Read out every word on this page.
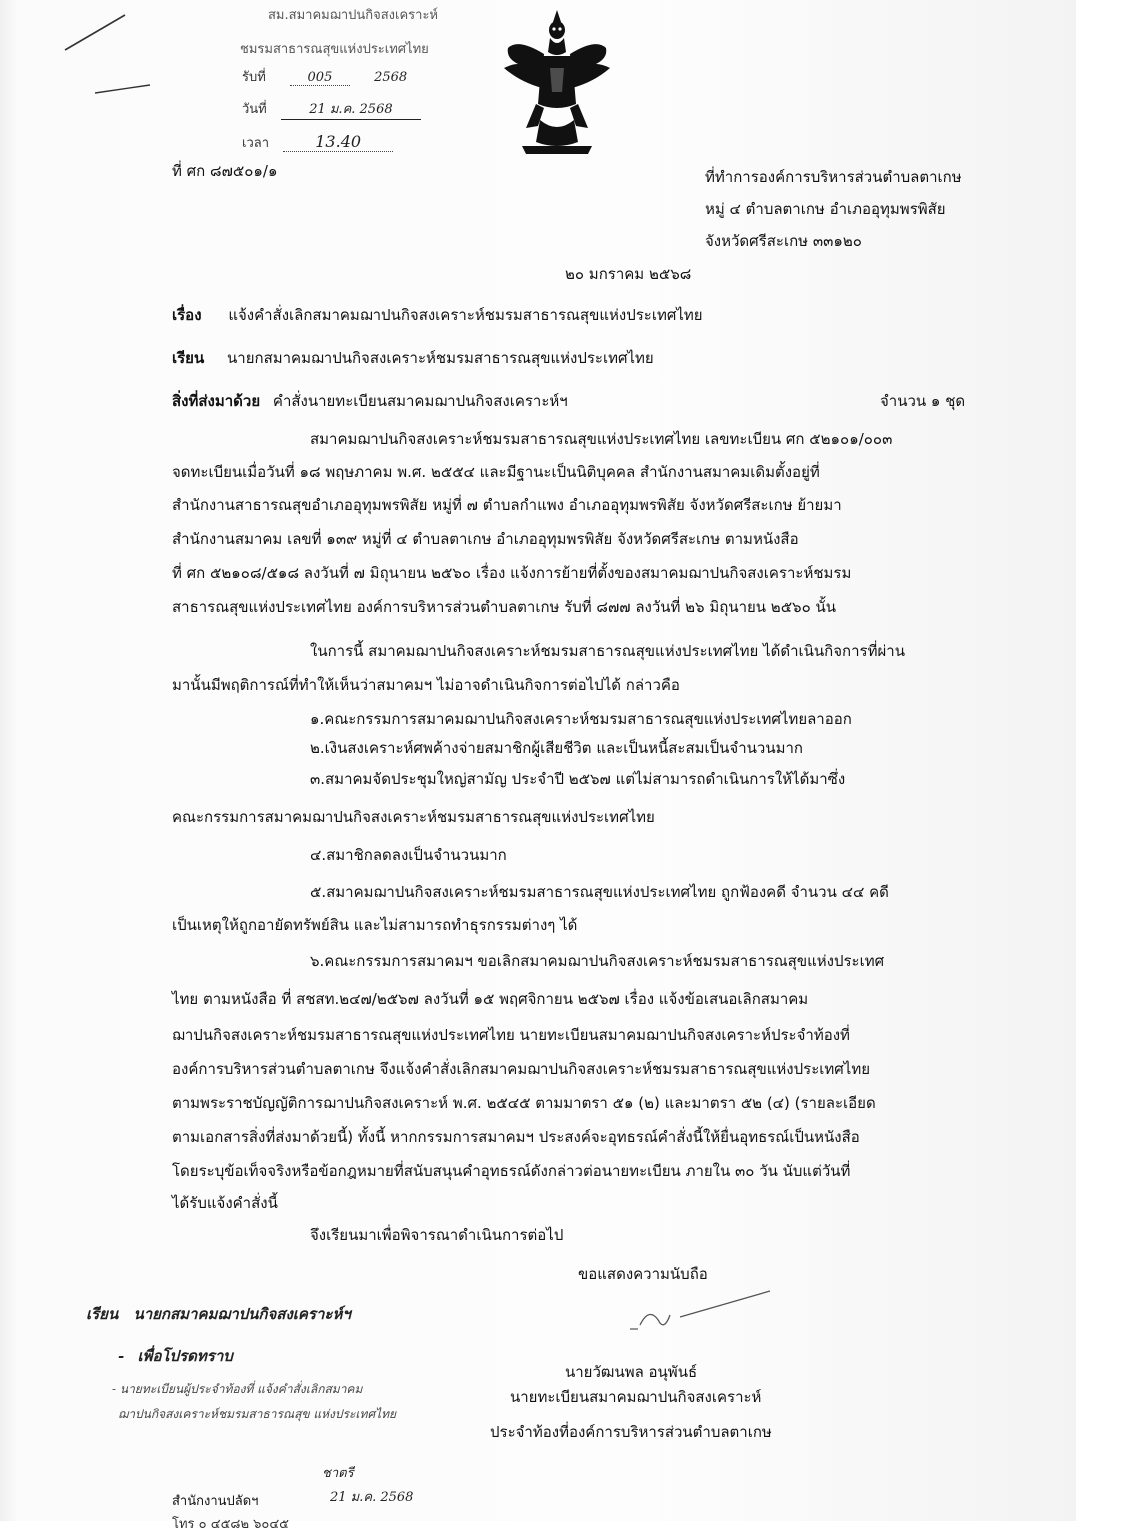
สม.สมาคมฌาปนกิจสงเคราะห์
ชมรมสาธารณสุขแห่งประเทศไทย
รับที่	005	2568
วันที่	21 ม.ค. 2568
เวลา	13.40
ที่ ศก ๘๗๕๐๑/๑	ที่ทำการองค์การบริหารส่วนตำบลตาเกษ
หมู่ ๔ ตำบลตาเกษ อำเภออุทุมพรพิสัย
จังหวัดศรีสะเกษ ๓๓๑๒๐
๒๐ มกราคม ๒๕๖๘
เรื่อง แจ้งคำสั่งเลิกสมาคมฌาปนกิจสงเคราะห์ชมรมสาธารณสุขแห่งประเทศไทย
เรียน นายกสมาคมฌาปนกิจสงเคราะห์ชมรมสาธารณสุขแห่งประเทศไทย
สิ่งที่ส่งมาด้วย คำสั่งนายทะเบียนสมาคมฌาปนกิจสงเคราะห์ฯ	จำนวน ๑ ชุด
สมาคมฌาปนกิจสงเคราะห์ชมรมสาธารณสุขแห่งประเทศไทย เลขทะเบียน ศก ๕๒๑๐๑/๐๐๓
จดทะเบียนเมื่อวันที่ ๑๘ พฤษภาคม พ.ศ. ๒๕๕๔ และมีฐานะเป็นนิติบุคคล สำนักงานสมาคมเดิมตั้งอยู่ที่
สำนักงานสาธารณสุขอำเภออุทุมพรพิสัย หมู่ที่ ๗ ตำบลกำแพง อำเภออุทุมพรพิสัย จังหวัดศรีสะเกษ ย้ายมา
สำนักงานสมาคม เลขที่ ๑๓๙ หมู่ที่ ๔ ตำบลตาเกษ อำเภออุทุมพรพิสัย จังหวัดศรีสะเกษ ตามหนังสือ
ที่ ศก ๕๒๑๐๘/๕๑๘ ลงวันที่ ๗ มิถุนายน ๒๕๖๐ เรื่อง แจ้งการย้ายที่ตั้งของสมาคมฌาปนกิจสงเคราะห์ชมรม
สาธารณสุขแห่งประเทศไทย องค์การบริหารส่วนตำบลตาเกษ รับที่ ๘๗๗ ลงวันที่ ๒๖ มิถุนายน ๒๕๖๐ นั้น
ในการนี้ สมาคมฌาปนกิจสงเคราะห์ชมรมสาธารณสุขแห่งประเทศไทย ได้ดำเนินกิจการที่ผ่าน
มานั้นมีพฤติการณ์ที่ทำให้เห็นว่าสมาคมฯ ไม่อาจดำเนินกิจการต่อไปได้ กล่าวคือ
๑.คณะกรรมการสมาคมฌาปนกิจสงเคราะห์ชมรมสาธารณสุขแห่งประเทศไทยลาออก
๒.เงินสงเคราะห์ศพค้างจ่ายสมาชิกผู้เสียชีวิต และเป็นหนี้สะสมเป็นจำนวนมาก
๓.สมาคมจัดประชุมใหญ่สามัญ ประจำปี ๒๕๖๗ แต่ไม่สามารถดำเนินการให้ได้มาซึ่ง
คณะกรรมการสมาคมฌาปนกิจสงเคราะห์ชมรมสาธารณสุขแห่งประเทศไทย
๔.สมาชิกลดลงเป็นจำนวนมาก
๕.สมาคมฌาปนกิจสงเคราะห์ชมรมสาธารณสุขแห่งประเทศไทย ถูกฟ้องคดี จำนวน ๔๔ คดี
เป็นเหตุให้ถูกอายัดทรัพย์สิน และไม่สามารถทำธุรกรรมต่างๆ ได้
๖.คณะกรรมการสมาคมฯ ขอเลิกสมาคมฌาปนกิจสงเคราะห์ชมรมสาธารณสุขแห่งประเทศ
ไทย ตามหนังสือ ที่ สชสท.๒๔๗/๒๕๖๗ ลงวันที่ ๑๕ พฤศจิกายน ๒๕๖๗ เรื่อง แจ้งข้อเสนอเลิกสมาคม
ฌาปนกิจสงเคราะห์ชมรมสาธารณสุขแห่งประเทศไทย นายทะเบียนสมาคมฌาปนกิจสงเคราะห์ประจำท้องที่
องค์การบริหารส่วนตำบลตาเกษ จึงแจ้งคำสั่งเลิกสมาคมฌาปนกิจสงเคราะห์ชมรมสาธารณสุขแห่งประเทศไทย
ตามพระราชบัญญัติการฌาปนกิจสงเคราะห์ พ.ศ. ๒๕๔๕ ตามมาตรา ๕๑ (๒) และมาตรา ๕๒ (๔) (รายละเอียด
ตามเอกสารสิ่งที่ส่งมาด้วยนี้) ทั้งนี้ หากกรรมการสมาคมฯ ประสงค์จะอุทธรณ์คำสั่งนี้ให้ยื่นอุทธรณ์เป็นหนังสือ
โดยระบุข้อเท็จจริงหรือข้อกฎหมายที่สนับสนุนคำอุทธรณ์ดังกล่าวต่อนายทะเบียน ภายใน ๓๐ วัน นับแต่วันที่
ได้รับแจ้งคำสั่งนี้
จึงเรียนมาเพื่อพิจารณาดำเนินการต่อไป
ขอแสดงความนับถือ
นายวัฒนพล อนุพันธ์
นายทะเบียนสมาคมฌาปนกิจสงเคราะห์
ประจำท้องที่องค์การบริหารส่วนตำบลตาเกษ
เรียน นายกสมาคมฌาปนกิจสงเคราะห์ฯ
- เพื่อโปรดทราบ
- นายทะเบียนผู้ประจำท้องที่ แจ้งคำสั่งเลิกสมาคม
ฌาปนกิจสงเคราะห์ชมรมสาธารณสุข แห่งประเทศไทย
ชาตรี
สำนักงานปลัดฯ	21 ม.ค. 2568
โทร ๐ ๔๕๘๒ ๖๐๔๕
